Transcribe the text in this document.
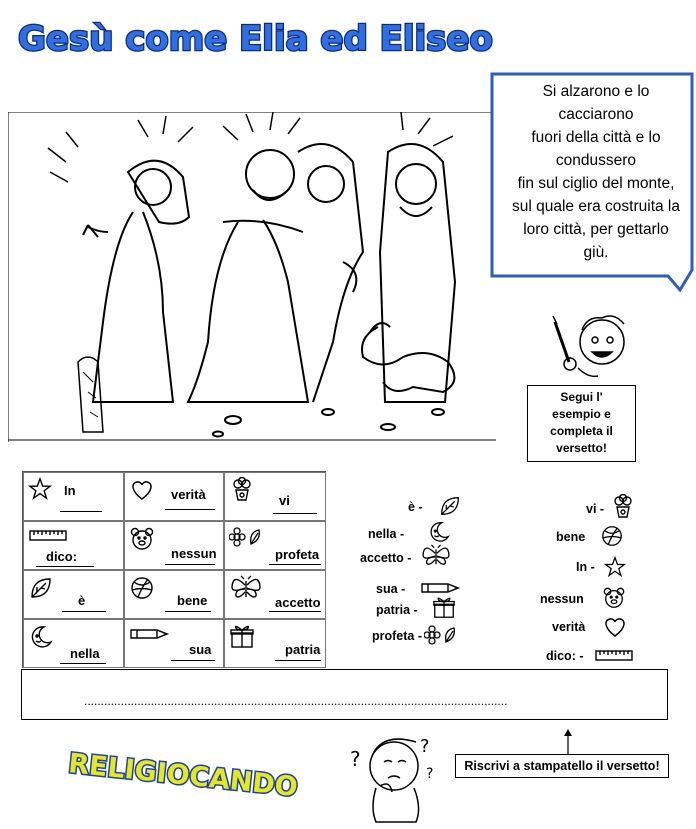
Gesù come Elia ed Eliseo
Si alzarono e lo
cacciarono
fuori della città e lo
condussero
fin sul ciglio del monte,
sul quale era costruita la
loro città, per gettarlo
giù.
Segui l'
esempio e
completa il
versetto!
In	verità	vi
dico:	nessun	profeta
è	bene	accetto
nella	sua	patria
è -
nella -
accetto -
sua -
patria -
profeta -
vi -
bene
In -
nessun
verità
dico: -
...............................................................................................................................
RELIGIOCANDO	?
?
?	Riscrivi a stampatello il versetto!
